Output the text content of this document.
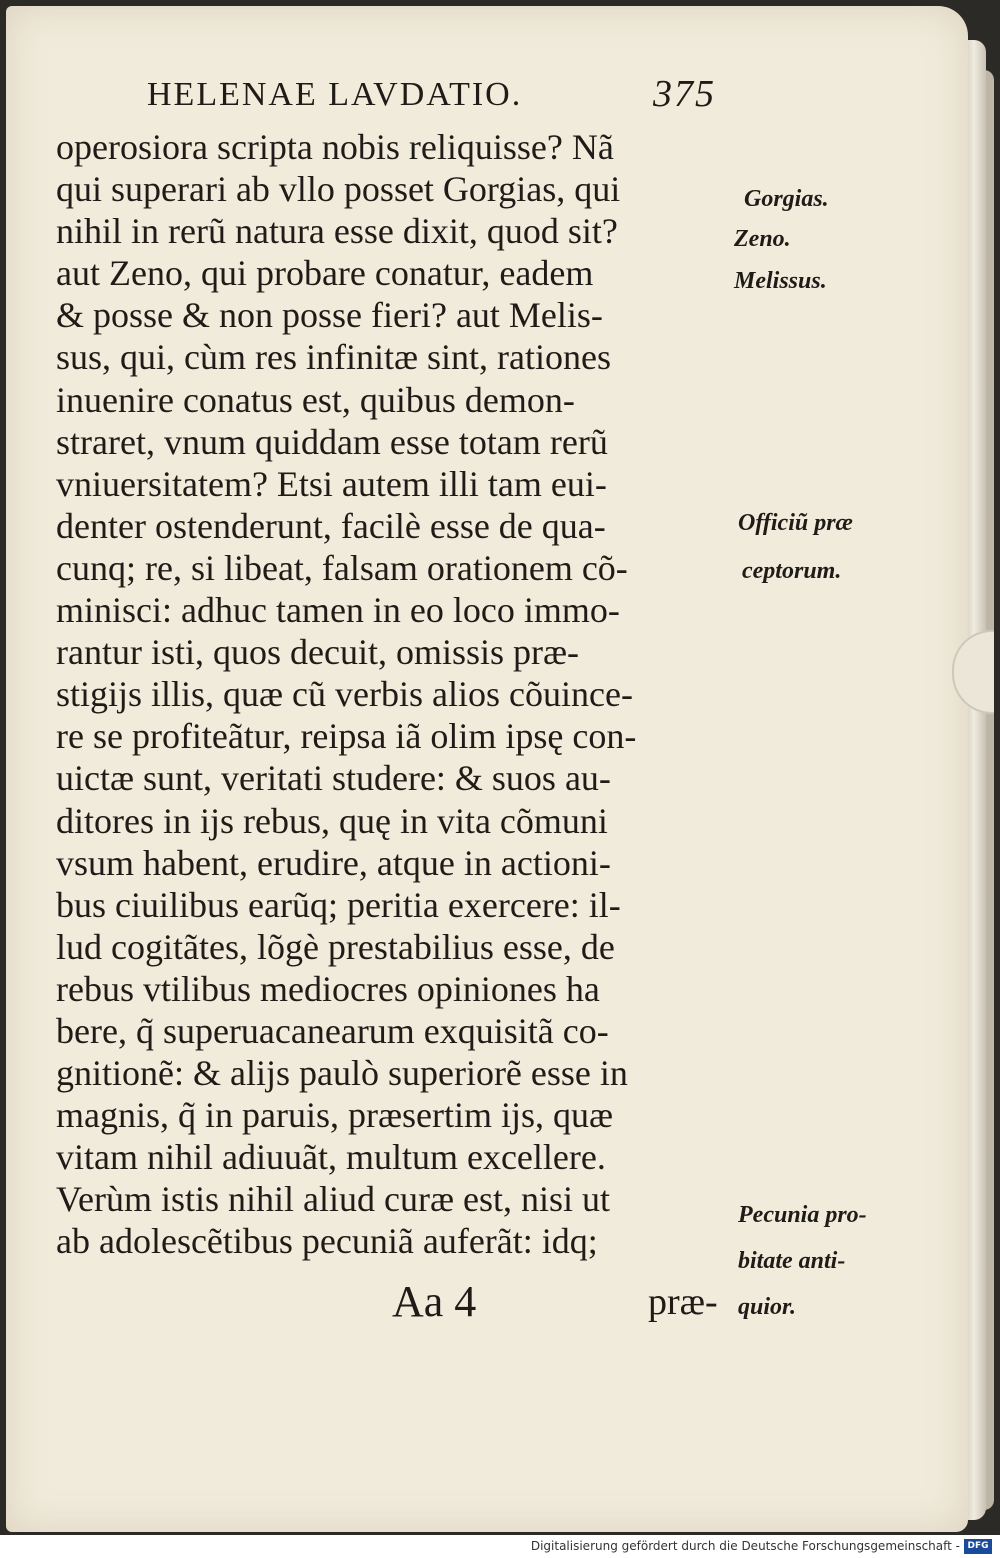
HELENAE LAVDATIO.	375
operosiora scripta nobis reliquisse? Nã
qui superari ab vllo posset Gorgias, qui
nihil in rerũ natura esse dixit, quod sit?
aut Zeno, qui probare conatur, eadem
& posse & non posse fieri? aut Melis-
sus, qui, cùm res infinitæ sint, rationes
inuenire conatus est, quibus demon-
straret, vnum quiddam esse totam rerũ
vniuersitatem? Etsi autem illi tam eui-
denter ostenderunt, facilè esse de qua-
cunq; re, si libeat, falsam orationem cõ-
minisci: adhuc tamen in eo loco immo-
rantur isti, quos decuit, omissis præ-
stigijs illis, quæ cũ verbis alios cõuince-
re se profiteãtur, reipsa iã olim ipsę con-
uictæ sunt, veritati studere: & suos au-
ditores in ijs rebus, quę in vita cõmuni
vsum habent, erudire, atque in actioni-
bus ciuilibus earũq; peritia exercere: il-
lud cogitãtes, lõgè prestabilius esse, de
rebus vtilibus mediocres opiniones ha
bere, q̃ superuacanearum exquisitã co-
gnitionẽ: & alijs paulò superiorẽ esse in
magnis, q̃ in paruis, præsertim ijs, quæ
vitam nihil adiuuãt, multum excellere.
Verùm istis nihil aliud curæ est, nisi ut
ab adolescẽtibus pecuniã auferãt: idq;
Aa 4	præ-
Gorgias.
Zeno.
Melissus.
Officiũ præ
ceptorum.
Pecunia pro-
bitate anti-
quior.
Digitalisierung gefördert durch die Deutsche Forschungsgemeinschaft - DFG
